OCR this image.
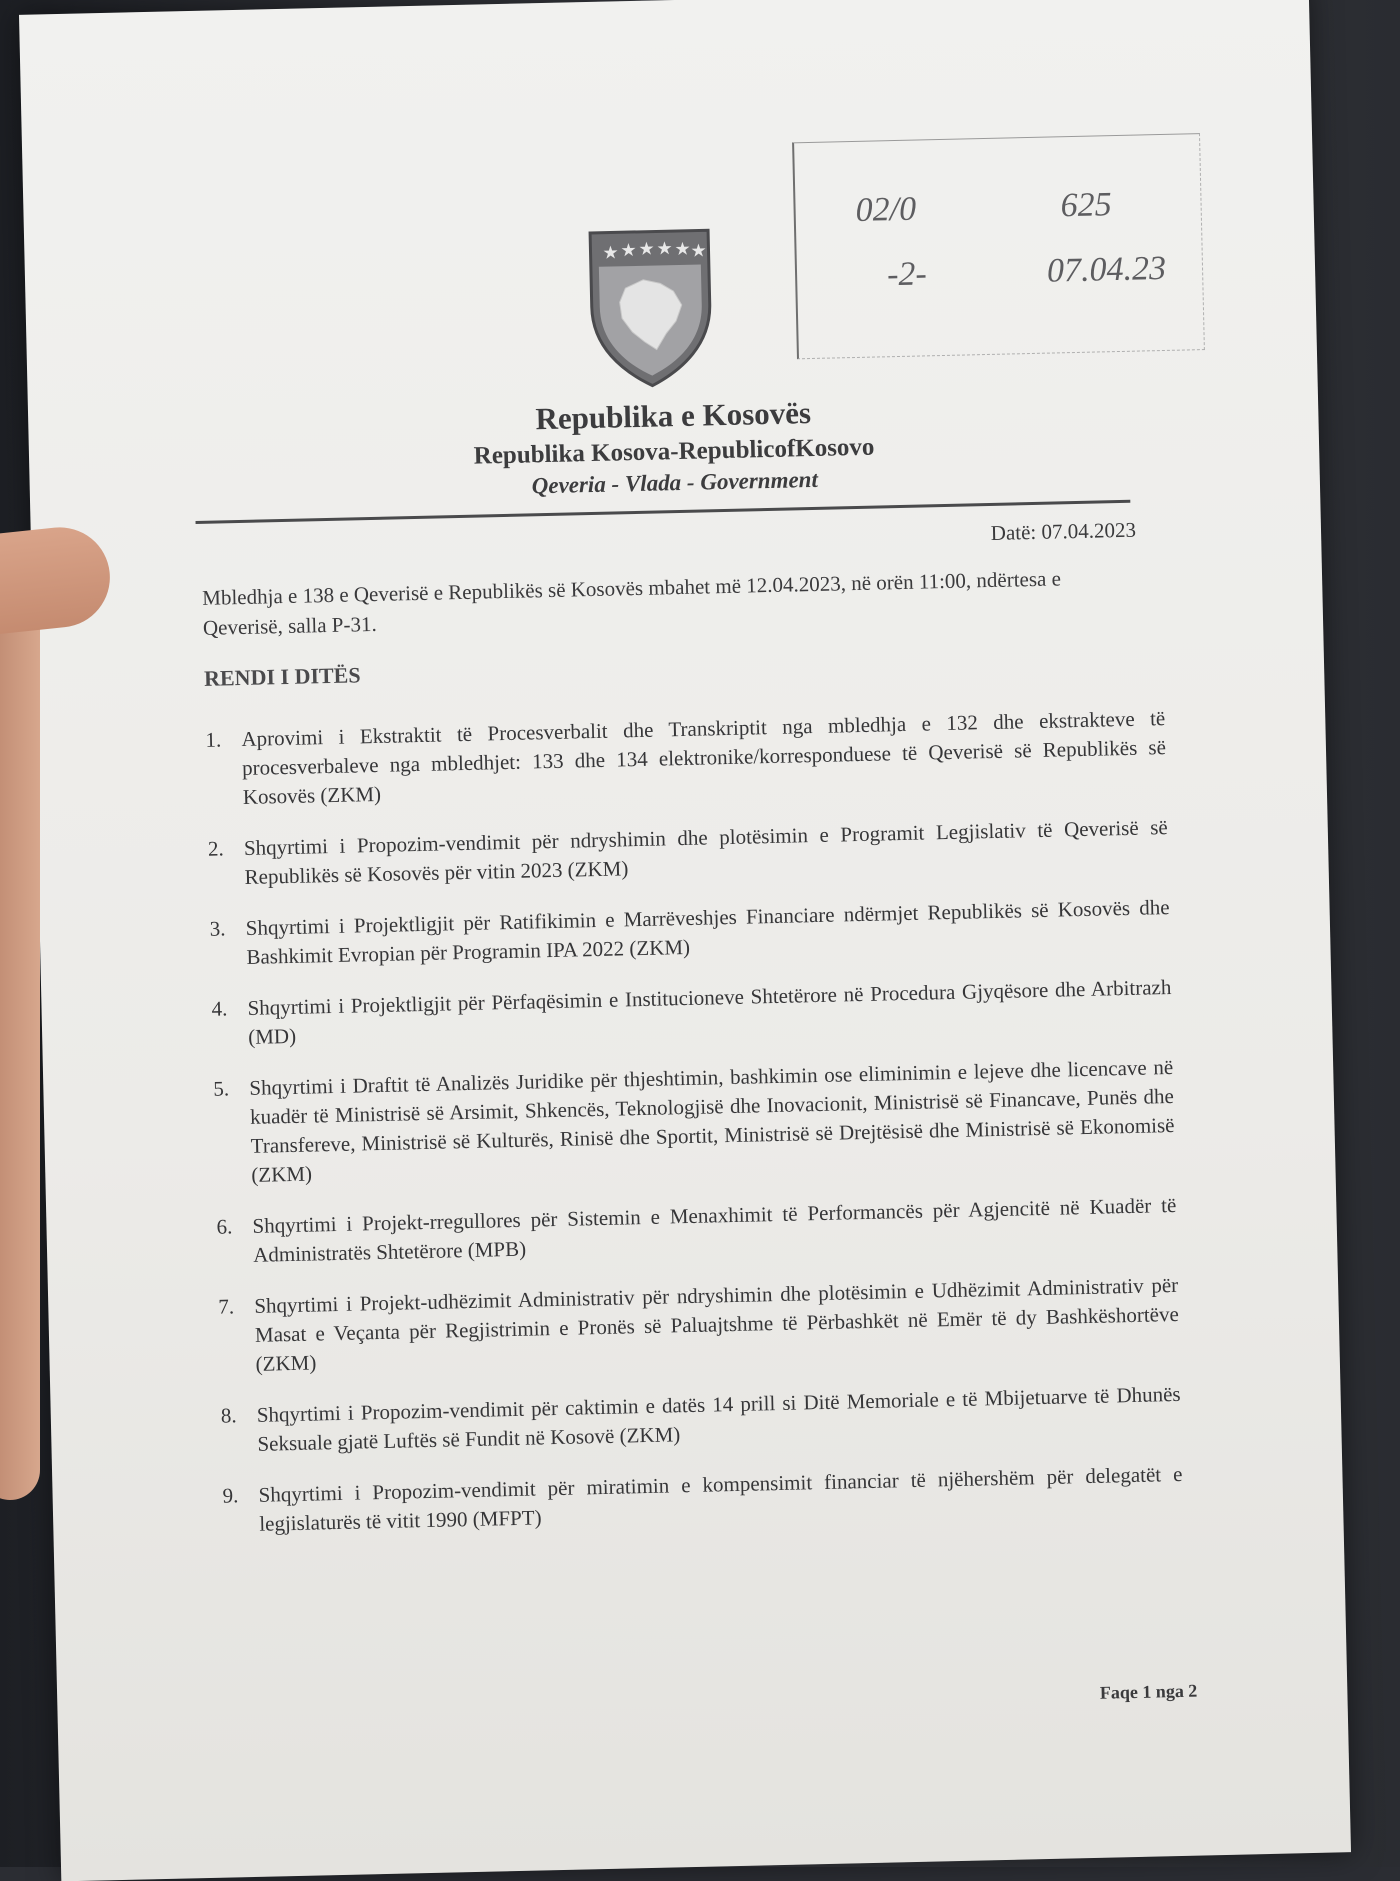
02/0	625
-2-	07.04.23
★ ★ ★ ★ ★ ★
Republika e Kosovës
Republika Kosova-RepublicofKosovo
Qeveria - Vlada - Government
Datë: 07.04.2023
Mbledhja e 138 e Qeverisë e Republikës së Kosovës mbahet më 12.04.2023, në orën 11:00, ndërtesa e Qeverisë, salla P-31.
RENDI I DITËS
1. Aprovimi i Ekstraktit të Procesverbalit dhe Transkriptit nga mbledhja e 132 dhe ekstrakteve të procesverbaleve nga mbledhjet: 133 dhe 134 elektronike/korresponduese të Qeverisë së Republikës së Kosovës (ZKM)
2. Shqyrtimi i Propozim-vendimit për ndryshimin dhe plotësimin e Programit Legjislativ të Qeverisë së Republikës së Kosovës për vitin 2023 (ZKM)
3. Shqyrtimi i Projektligjit për Ratifikimin e Marrëveshjes Financiare ndërmjet Republikës së Kosovës dhe Bashkimit Evropian për Programin IPA 2022 (ZKM)
4. Shqyrtimi i Projektligjit për Përfaqësimin e Institucioneve Shtetërore në Procedura Gjyqësore dhe Arbitrazh (MD)
5. Shqyrtimi i Draftit të Analizës Juridike për thjeshtimin, bashkimin ose eliminimin e lejeve dhe licencave në kuadër të Ministrisë së Arsimit, Shkencës, Teknologjisë dhe Inovacionit, Ministrisë së Financave, Punës dhe Transfereve, Ministrisë së Kulturës, Rinisë dhe Sportit, Ministrisë së Drejtësisë dhe Ministrisë së Ekonomisë (ZKM)
6. Shqyrtimi i Projekt-rregullores për Sistemin e Menaxhimit të Performancës për Agjencitë në Kuadër të Administratës Shtetërore (MPB)
7. Shqyrtimi i Projekt-udhëzimit Administrativ për ndryshimin dhe plotësimin e Udhëzimit Administrativ për Masat e Veçanta për Regjistrimin e Pronës së Paluajtshme të Përbashkët në Emër të dy Bashkëshortëve (ZKM)
8. Shqyrtimi i Propozim-vendimit për caktimin e datës 14 prill si Ditë Memoriale e të Mbijetuarve të Dhunës Seksuale gjatë Luftës së Fundit në Kosovë (ZKM)
9. Shqyrtimi i Propozim-vendimit për miratimin e kompensimit financiar të njëhershëm për delegatët e legjislaturës të vitit 1990 (MFPT)
Faqe 1 nga 2
